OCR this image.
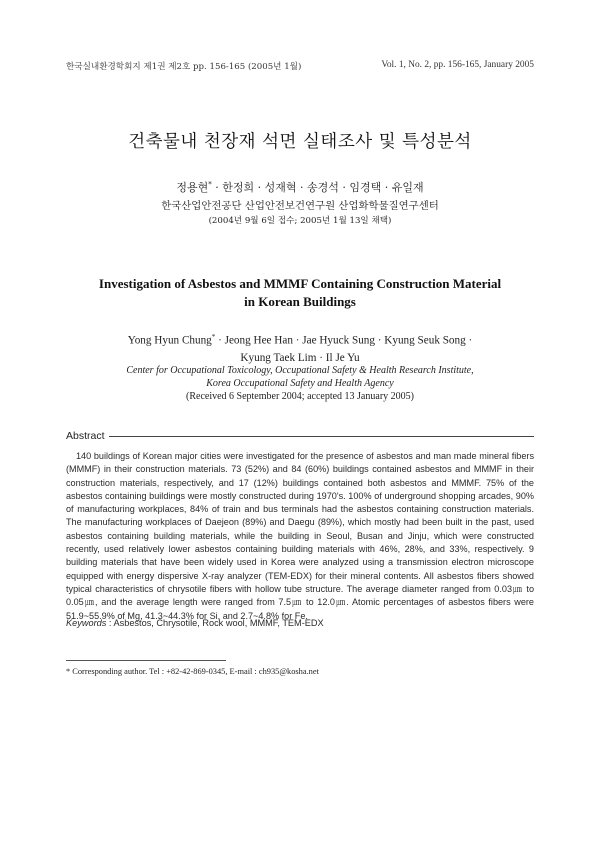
한국실내환경학회지 제1권 제2호 pp. 156-165 (2005년 1월)	Vol. 1, No. 2, pp. 156-165, January 2005
건축물내 천장재 석면 실태조사 및 특성분석
정용현* · 한정희 · 성재혁 · 송경석 · 임경택 · 유일재
한국산업안전공단 산업안전보건연구원 산업화학물질연구센터
(2004년 9월 6일 접수; 2005년 1월 13일 채택)
Investigation of Asbestos and MMMF Containing Construction Material
in Korean Buildings
Yong Hyun Chung* · Jeong Hee Han · Jae Hyuck Sung · Kyung Seuk Song ·
Kyung Taek Lim · Il Je Yu
Center for Occupational Toxicology, Occupational Safety & Health Research Institute,
Korea Occupational Safety and Health Agency
(Received 6 September 2004; accepted 13 January 2005)
Abstract
140 buildings of Korean major cities were investigated for the presence of asbestos and man made mineral fibers (MMMF) in their construction materials. 73 (52%) and 84 (60%) buildings contained asbestos and MMMF in their construction materials, respectively, and 17 (12%) buildings contained both asbestos and MMMF. 75% of the asbestos containing buildings were mostly constructed during 1970's. 100% of underground shopping arcades, 90% of manufacturing workplaces, 84% of train and bus terminals had the asbestos containing construction materials. The manufacturing workplaces of Daejeon (89%) and Daegu (89%), which mostly had been built in the past, used asbestos containing building materials, while the building in Seoul, Busan and Jinju, which were constructed recently, used relatively lower asbestos containing building materials with 46%, 28%, and 33%, respectively. 9 building materials that have been widely used in Korea were analyzed using a transmission electron microscope equipped with energy dispersive X-ray analyzer (TEM-EDX) for their mineral contents. All asbestos fibers showed typical characteristics of chrysotile fibers with hollow tube structure. The average diameter ranged from 0.03㎛ to 0.05㎛, and the average length were ranged from 7.5㎛ to 12.0㎛. Atomic percentages of asbestos fibers were 51.9~55.9% of Mg, 41.3~44.3% for Si, and 2.7~4.8% for Fe.
Keywords : Asbestos, Chrysotile, Rock wool, MMMF, TEM-EDX
* Corresponding author. Tel : +82-42-869-0345, E-mail : ch935@kosha.net
